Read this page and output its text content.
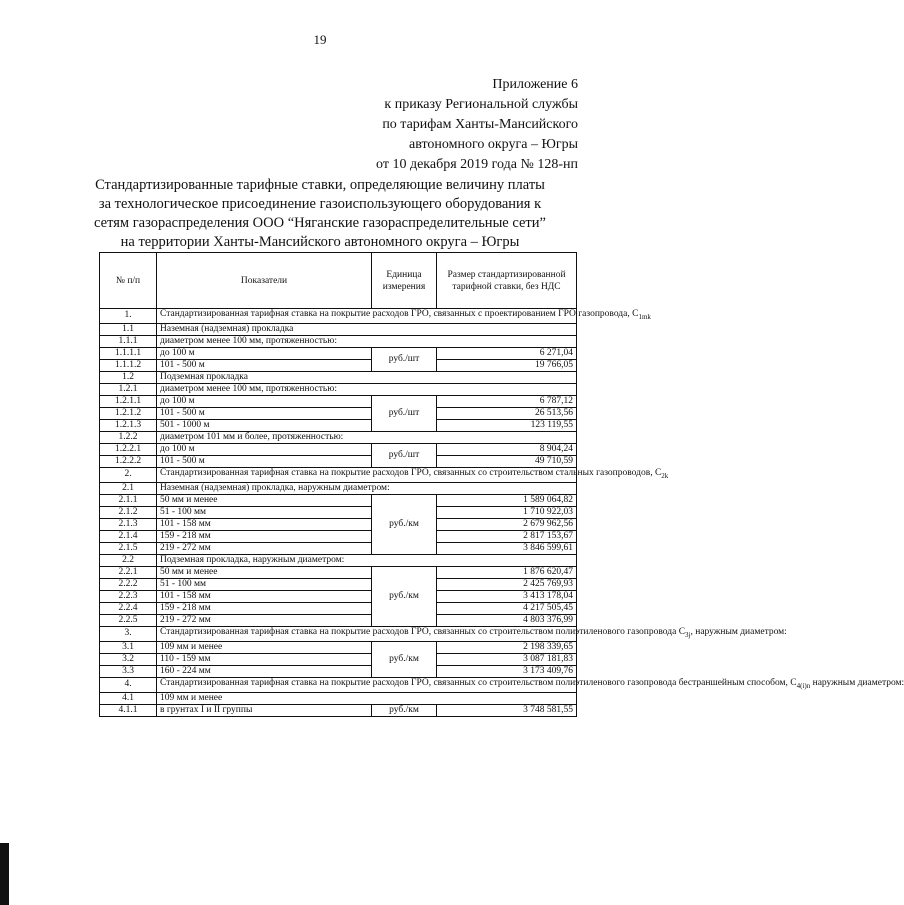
19
Приложение 6
к приказу Региональной службы
по тарифам Ханты-Мансийского
автономного округа – Югры
от 10 декабря 2019 года № 128-нп
Стандартизированные тарифные ставки, определяющие величину платы
за технологическое присоединение газоиспользующего оборудования к
сетям газораспределения ООО “Няганские газораспределительные сети”
на территории Ханты-Мансийского автономного округа – Югры
№ п/п	Показатели	Единица измерения	Размер стандартизированной тарифной ставки, без НДС
1.	Стандартизированная тарифная ставка на покрытие расходов ГРО, связанных с проектированием ГРО газопровода, $C_{1mk}$
1.1	Наземная (надземная) прокладка		
1.1.1	диаметром менее 100 мм, протяженностью:		
1.1.1.1	до 100 м	руб./шт	6 271,04
1.1.1.2	101 - 500 м		19 766,05
1.2	Подземная прокладка		
1.2.1	диаметром менее 100 мм, протяженностью:		
1.2.1.1	до 100 м	руб./шт	6 787,12
1.2.1.2	101 - 500 м		26 513,56
1.2.1.3	501 - 1000 м		123 119,55
1.2.2	диаметром 101 мм и более, протяженностью:		
1.2.2.1	до 100 м	руб./шт	8 904,24
1.2.2.2	101 - 500 м		49 710,59
2.	Стандартизированная тарифная ставка на покрытие расходов ГРО, связанных со строительством стальных газопроводов, $C_{2k}$
2.1	Наземная (надземная) прокладка, наружным диаметром:		
2.1.1	50 мм и менее	руб./км	1 589 064,82
2.1.2	51 - 100 мм		1 710 922,03
2.1.3	101 - 158 мм		2 679 962,56
2.1.4	159 - 218 мм		2 817 153,67
2.1.5	219 - 272 мм		3 846 599,61
2.2	Подземная прокладка, наружным диаметром:		
2.2.1	50 мм и менее	руб./км	1 876 620,47
2.2.2	51 - 100 мм		2 425 769,93
2.2.3	101 - 158 мм		3 413 178,04
2.2.4	159 - 218 мм		4 217 505,45
2.2.5	219 - 272 мм		4 803 376,99
3.	Стандартизированная тарифная ставка на покрытие расходов ГРО, связанных со строительством полиэтиленового газопровода $C_{3j}$, наружным диаметром:		
3.1	109 мм и менее	руб./км	2 198 339,65
3.2	110 - 159 мм		3 087 181,83
3.3	160 - 224 мм		3 173 409,76
4.	Стандартизированная тарифная ставка на покрытие расходов ГРО, связанных со строительством полиэтиленового газопровода бестраншейным способом, $C_{4(i)n}$ наружным диаметром:		
4.1	109 мм и менее		
4.1.1	в грунтах I и II группы	руб./км	3 748 581,55
